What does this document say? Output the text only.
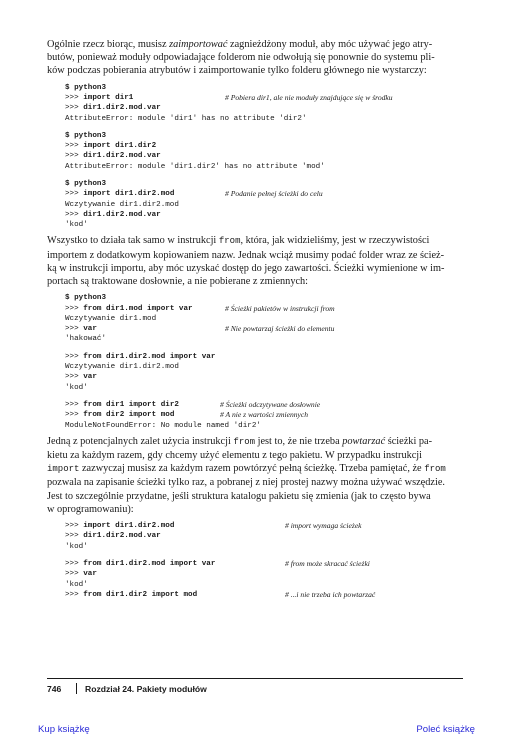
Ogólnie rzecz biorąc, musisz zaimportować zagnieżdżony moduł, aby móc używać jego atry-
butów, ponieważ moduły odpowiadające folderom nie odwołują się ponownie do systemu pli-
ków podczas pobierania atrybutów i zaimportowanie tylko folderu głównego nie wystarczy:

$ python3
>>> import dir1	# Pobiera dir1, ale nie moduły znajdujące się w środku
>>> dir1.dir2.mod.var
AttributeError: module 'dir1' has no attribute 'dir2'
$ python3
>>> import dir1.dir2
>>> dir1.dir2.mod.var
AttributeError: module 'dir1.dir2' has no attribute 'mod'
$ python3
>>> import dir1.dir2.mod	# Podanie pełnej ścieżki do celu
Wczytywanie dir1.dir2.mod
>>> dir1.dir2.mod.var
'kod'

Wszystko to działa tak samo w instrukcji from, która, jak widzieliśmy, jest w rzeczywistości
importem z dodatkowym kopiowaniem nazw. Jednak wciąż musimy podać folder wraz ze ścież-
ką w instrukcji importu, aby móc uzyskać dostęp do jego zawartości. Ścieżki wymienione w im-
portach są traktowane dosłownie, a nie pobierane z zmiennych:

$ python3
>>> from dir1.mod import var	# Ścieżki pakietów w instrukcji from
Wczytywanie dir1.mod
>>> var	# Nie powtarzaj ścieżki do elementu
'hakować'
>>> from dir1.dir2.mod import var
Wczytywanie dir1.dir2.mod
>>> var
'kod'
>>> from dir1 import dir2	# Ścieżki odczytywane dosłownie
>>> from dir2 import mod	# A nie z wartości zmiennych
ModuleNotFoundError: No module named 'dir2'

Jedną z potencjalnych zalet użycia instrukcji from jest to, że nie trzeba powtarzać ścieżki pa-
kietu za każdym razem, gdy chcemy użyć elementu z tego pakietu. W przypadku instrukcji
import zazwyczaj musisz za każdym razem powtórzyć pełną ścieżkę. Trzeba pamiętać, że from
pozwala na zapisanie ścieżki tylko raz, a pobranej z niej prostej nazwy można używać wszędzie.
Jest to szczególnie przydatne, jeśli struktura katalogu pakietu się zmienia (jak to często bywa
w oprogramowaniu):

>>> import dir1.dir2.mod	# import wymaga ścieżek
>>> dir1.dir2.mod.var
'kod'
>>> from dir1.dir2.mod import var	# from może skracać ścieżki
>>> var
'kod'
>>> from dir1.dir2 import mod	# ...i nie trzeba ich powtarzać
746	Rozdział 24. Pakiety modułów
Kup książkę	Poleć książkę
